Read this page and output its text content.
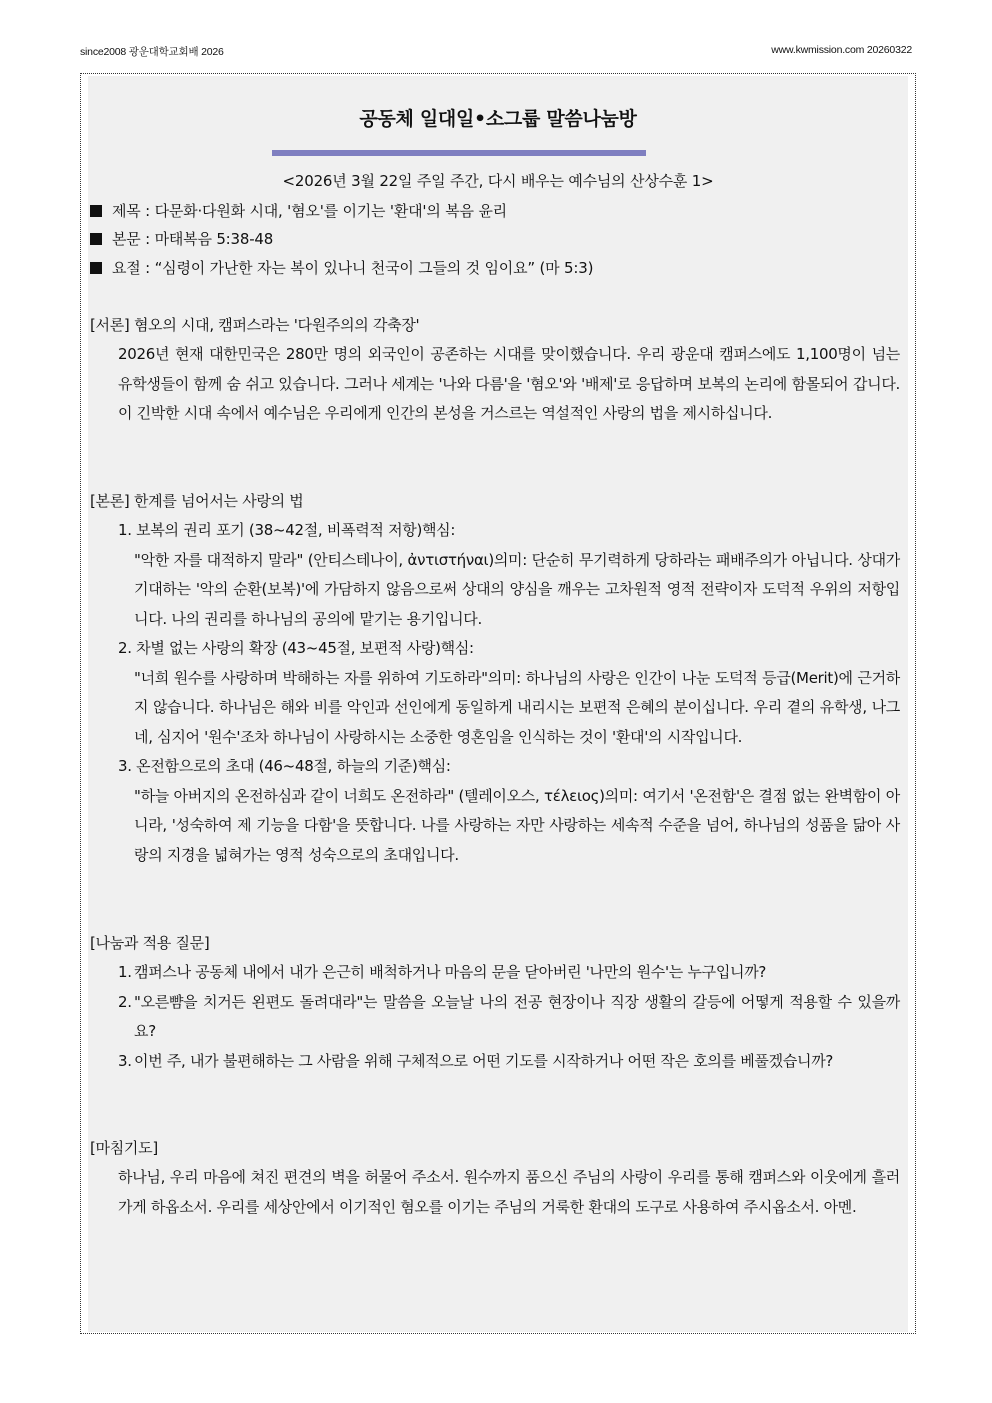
since2008 광운대학교회배 2026	www.kwmission.com 20260322
공동체 일대일•소그룹 말씀나눔방
<2026년 3월 22일 주일 주간, 다시 배우는 예수님의 산상수훈 1>
제목 : 다문화·다원화 시대, '혐오'를 이기는 '환대'의 복음 윤리
본문 : 마태복음 5:38-48
요절 : “심령이 가난한 자는 복이 있나니 천국이 그들의 것 임이요” (마 5:3)
[서론] 혐오의 시대, 캠퍼스라는 '다원주의의 각축장'
2026년 현재 대한민국은 280만 명의 외국인이 공존하는 시대를 맞이했습니다. 우리 광운대 캠퍼스에도 1,100명이 넘는 유학생들이 함께 숨 쉬고 있습니다. 그러나 세계는 '나와 다름'을 '혐오'와 '배제'로 응답하며 보복의 논리에 함몰되어 갑니다. 이 긴박한 시대 속에서 예수님은 우리에게 인간의 본성을 거스르는 역설적인 사랑의 법을 제시하십니다.
[본론] 한계를 넘어서는 사랑의 법
1. 보복의 권리 포기 (38~42절, 비폭력적 저항)핵심:
"악한 자를 대적하지 말라" (안티스테나이, ἀντιστήναι)의미: 단순히 무기력하게 당하라는 패배주의가 아닙니다. 상대가 기대하는 '악의 순환(보복)'에 가담하지 않음으로써 상대의 양심을 깨우는 고차원적 영적 전략이자 도덕적 우위의 저항입니다. 나의 권리를 하나님의 공의에 맡기는 용기입니다.
2. 차별 없는 사랑의 확장 (43~45절, 보편적 사랑)핵심:
"너희 원수를 사랑하며 박해하는 자를 위하여 기도하라"의미: 하나님의 사랑은 인간이 나눈 도덕적 등급(Merit)에 근거하지 않습니다. 하나님은 해와 비를 악인과 선인에게 동일하게 내리시는 보편적 은혜의 분이십니다. 우리 곁의 유학생, 나그네, 심지어 '원수'조차 하나님이 사랑하시는 소중한 영혼임을 인식하는 것이 '환대'의 시작입니다.
3. 온전함으로의 초대 (46~48절, 하늘의 기준)핵심:
"하늘 아버지의 온전하심과 같이 너희도 온전하라" (텔레이오스, τέλειος)의미: 여기서 '온전함'은 결점 없는 완벽함이 아니라, '성숙하여 제 기능을 다함'을 뜻합니다. 나를 사랑하는 자만 사랑하는 세속적 수준을 넘어, 하나님의 성품을 닮아 사랑의 지경을 넓혀가는 영적 성숙으로의 초대입니다.
[나눔과 적용 질문]
1. 캠퍼스나 공동체 내에서 내가 은근히 배척하거나 마음의 문을 닫아버린 '나만의 원수'는 누구입니까?
2. "오른뺨을 치거든 왼편도 돌려대라"는 말씀을 오늘날 나의 전공 현장이나 직장 생활의 갈등에 어떻게 적용할 수 있을까요?
3. 이번 주, 내가 불편해하는 그 사람을 위해 구체적으로 어떤 기도를 시작하거나 어떤 작은 호의를 베풀겠습니까?
[마침기도]
하나님, 우리 마음에 쳐진 편견의 벽을 허물어 주소서. 원수까지 품으신 주님의 사랑이 우리를 통해 캠퍼스와 이웃에게 흘러가게 하옵소서. 우리를 세상안에서 이기적인 혐오를 이기는 주님의 거룩한 환대의 도구로 사용하여 주시옵소서. 아멘.
